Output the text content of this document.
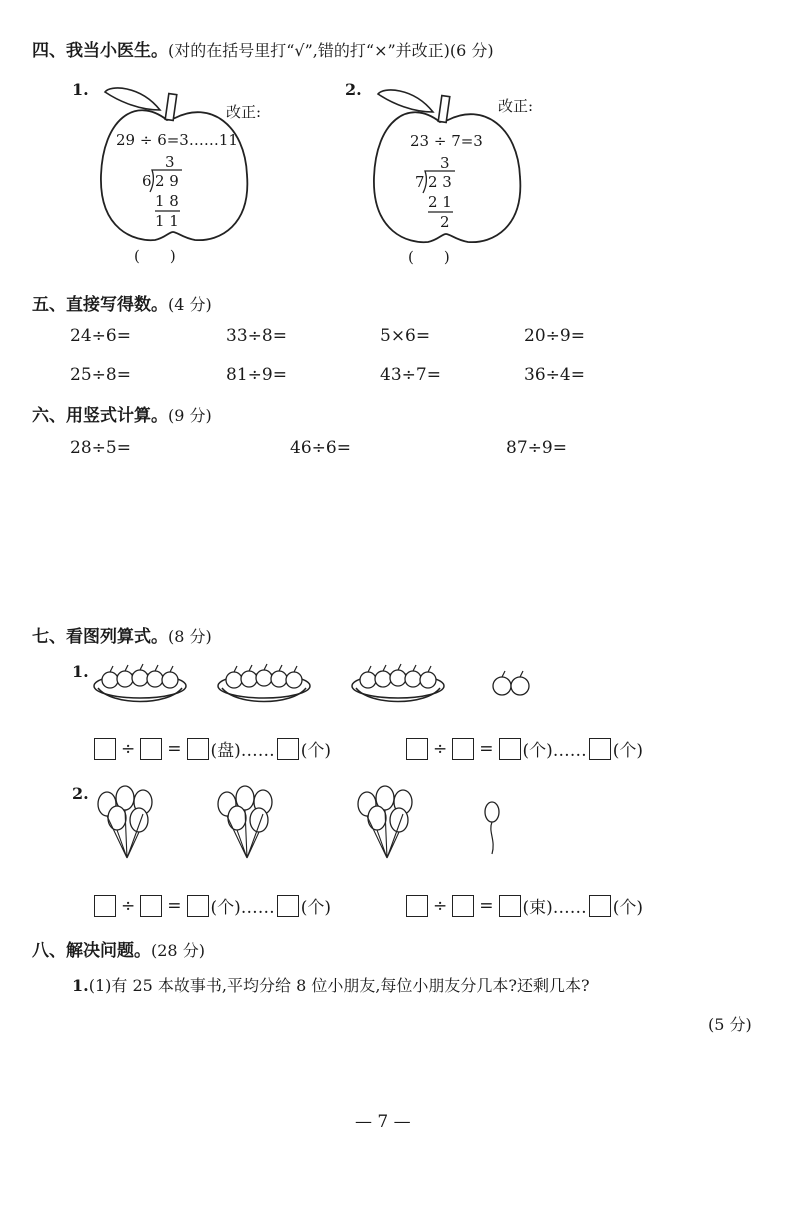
四、我当小医生。(对的在括号里打“√”,错的打“×”并改正)(6 分)
1.
改正:
29 ÷ 6=3……11
3
6 2 9
1 8
1 1
(　　)
2.
改正:
23 ÷ 7=3
3
7 2 3
2 1
2
(　　)
五、直接写得数。(4 分)
24÷6=	33÷8=	5×6=	20÷9=
25÷8=	81÷9=	43÷7=	36÷4=
六、用竖式计算。(9 分)
28÷5=	46÷6=	87÷9=
七、看图列算式。(8 分)
1.
÷ = (盘)…… (个)	÷ = (个)…… (个)
2.
÷ = (个)…… (个)	÷ = (束)…… (个)
八、解决问题。(28 分)
1.(1)有 25 本故事书,平均分给 8 位小朋友,每位小朋友分几本?还剩几本?
(5 分)
— 7 —
